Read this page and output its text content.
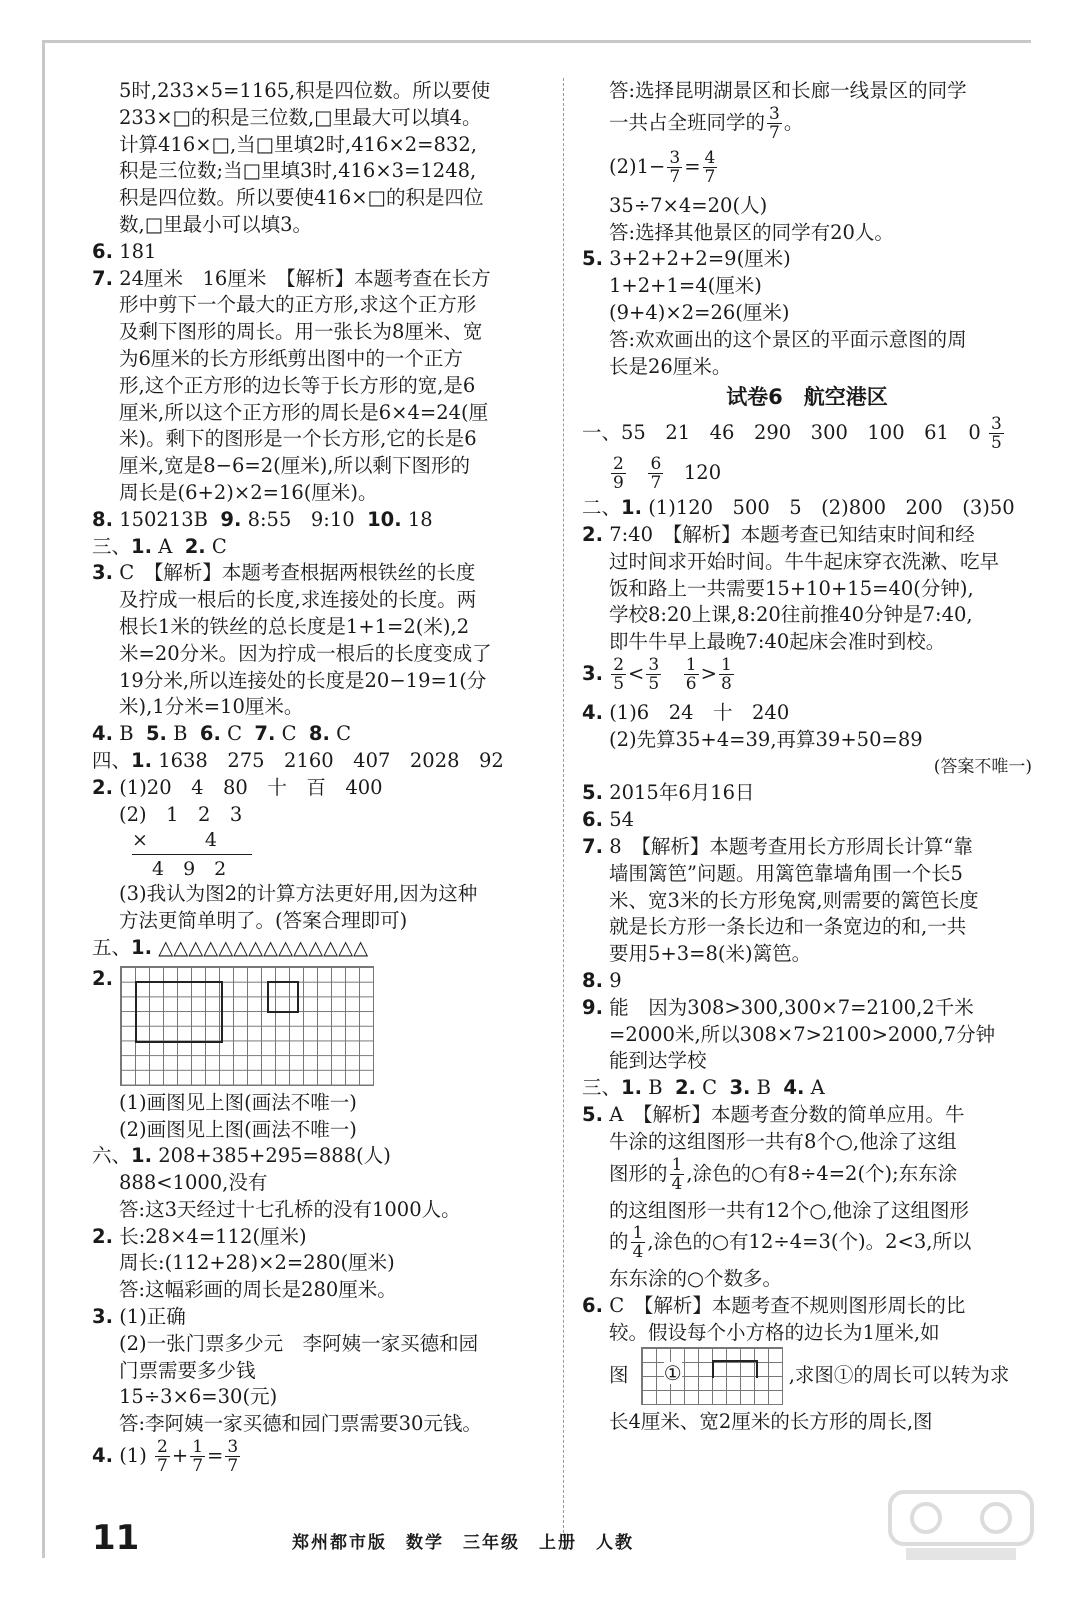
5时,233×5=1165,积是四位数。所以要使
233×□的积是三位数,□里最大可以填4。
计算416×□,当□里填2时,416×2=832,
积是三位数;当□里填3时,416×3=1248,
积是四位数。所以要使416×□的积是四位
数,□里最小可以填3。
6. 181
7. 24厘米　16厘米　【解析】本题考查在长方
形中剪下一个最大的正方形,求这个正方形
及剩下图形的周长。用一张长为8厘米、宽
为6厘米的长方形纸剪出图中的一个正方
形,这个正方形的边长等于长方形的宽,是6
厘米,所以这个正方形的周长是6×4=24(厘
米)。剩下的图形是一个长方形,它的长是6
厘米,宽是8−6=2(厘米),所以剩下图形的
周长是(6+2)×2=16(厘米)。
8. 150213B 9. 8:55　9:10 10. 18
三、1. A 2. C
3. C　【解析】本题考查根据两根铁丝的长度
及拧成一根后的长度,求连接处的长度。两
根长1米的铁丝的总长度是1+1=2(米),2
米=20分米。因为拧成一根后的长度变成了
19分米,所以连接处的长度是20−19=1(分
米),1分米=10厘米。
4. B 5. B 6. C 7. C 8. C
四、1. 1638　275　2160　407　2028　92
2. (1)20　4　80　十　百　400
(2)　1　2　3
×　　　4
4　9　2
(3)我认为图2的计算方法更好用,因为这种
方法更简单明了。(答案合理即可)
五、1. △△△△△△△△△△△△△△
2.
(1)画图见上图(画法不唯一)
(2)画图见上图(画法不唯一)
六、1. 208+385+295=888(人)
888<1000,没有
答:这3天经过十七孔桥的没有1000人。
2. 长:28×4=112(厘米)
周长:(112+28)×2=280(厘米)
答:这幅彩画的周长是280厘米。
3. (1)正确
(2)一张门票多少元　李阿姨一家买德和园
门票需要多少钱
15÷3×6=30(元)
答:李阿姨一家买德和园门票需要30元钱。
4. $(1) \frac{2}{7} + \frac{1}{7} = \frac{3}{7}$
答:选择昆明湖景区和长廊一线景区的同学
一共占全班同学的 $\frac{3}{7}$ 。
$(2)1- \frac{3}{7} = \frac{4}{7}$
35÷7×4=20(人)
答:选择其他景区的同学有20人。
5. 3+2+2+2=9(厘米)
1+2+1=4(厘米)
(9+4)×2=26(厘米)
答:欢欢画出的这个景区的平面示意图的周
长是26厘米。
试卷6　航空港区
一、55　21　46　290　300　100　61　$0 \frac{3}{5}$
$\frac{2}{9}$
$\frac{6}{7} 120$
二、1. (1)120　500　5　(2)800　200　(3)50
2. 7:40　【解析】本题考查已知结束时间和经
过时间求开始时间。牛牛起床穿衣洗漱、吃早
饭和路上一共需要15+10+15=40(分钟),
学校8:20上课,8:20往前推40分钟是7:40,
即牛牛早上最晚7:40起床会准时到校。
3. $\frac{2}{5} < \frac{3}{5}$
$\frac{1}{6} > \frac{1}{8}$
4. (1)6　24　十　240
(2)先算35+4=39,再算39+50=89
(答案不唯一)
5. 2015年6月16日
6. 54
7. 8　【解析】本题考查用长方形周长计算“靠
墙围篱笆”问题。用篱笆靠墙角围一个长5
米、宽3米的长方形兔窝,则需要的篱笆长度
就是长方形一条长边和一条宽边的和,一共
要用5+3=8(米)篱笆。
8. 9
9. 能　因为308>300,300×7=2100,2千米
=2000米,所以308×7>2100>2000,7分钟
能到达学校
三、1. B 2. C 3. B 4. A
5. A　【解析】本题考查分数的简单应用。牛
牛涂的这组图形一共有8个○,他涂了这组
图形的 $\frac{1}{4}$ ,涂色的○有8÷4=2(个);东东涂
的这组图形一共有12个○,他涂了这组图形
的 $\frac{1}{4}$ ,涂色的○有12÷4=3(个)。2<3,所以
东东涂的○个数多。
6. C　【解析】本题考查不规则图形周长的比
较。假设每个小方格的边长为1厘米,如
图 ①	,求图①的周长可以转为求
长4厘米、宽2厘米的长方形的周长,图
11	郑州都市版　数学　三年级　上册　人教
